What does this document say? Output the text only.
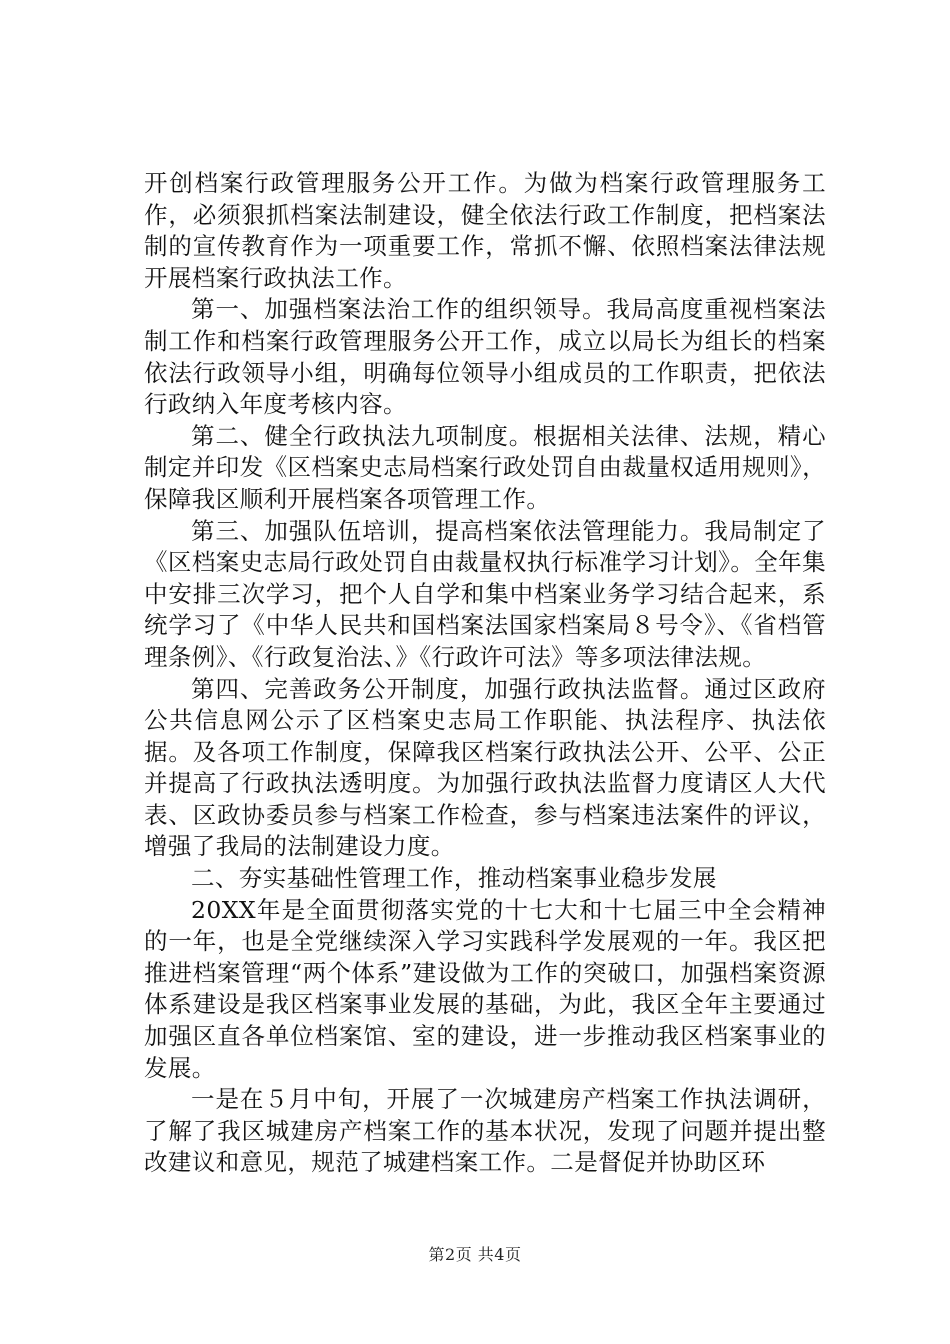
开创档案行政管理服务公开工作。为做为档案行政管理服务工作，必须狠抓档案法制建设，健全依法行政工作制度，把档案法制的宣传教育作为一项重要工作，常抓不懈、依照档案法律法规开展档案行政执法工作。

第一、加强档案法治工作的组织领导。我局高度重视档案法制工作和档案行政管理服务公开工作，成立以局长为组长的档案依法行政领导小组，明确每位领导小组成员的工作职责，把依法行政纳入年度考核内容。

第二、健全行政执法九项制度。根据相关法律、法规，精心制定并印发《区档案史志局档案行政处罚自由裁量权适用规则》，保障我区顺利开展档案各项管理工作。

第三、加强队伍培训，提高档案依法管理能力。我局制定了《区档案史志局行政处罚自由裁量权执行标准学习计划》。全年集中安排三次学习，把个人自学和集中档案业务学习结合起来，系统学习了《中华人民共和国档案法国家档案局８号令》、《省档管理条例》、《行政复治法、》《行政许可法》等多项法律法规。

第四、完善政务公开制度，加强行政执法监督。通过区政府公共信息网公示了区档案史志局工作职能、执法程序、执法依据。及各项工作制度，保障我区档案行政执法公开、公平、公正并提高了行政执法透明度。为加强行政执法监督力度请区人大代表、区政协委员参与档案工作检查，参与档案违法案件的评议，增强了我局的法制建设力度。

二、夯实基础性管理工作，推动档案事业稳步发展

20XX年是全面贯彻落实党的十七大和十七届三中全会精神的一年，也是全党继续深入学习实践科学发展观的一年。我区把推进档案管理“两个体系”建设做为工作的突破口，加强档案资源体系建设是我区档案事业发展的基础，为此，我区全年主要通过加强区直各单位档案馆、室的建设，进一步推动我区档案事业的发展。

一是在５月中旬，开展了一次城建房产档案工作执法调研，了解了我区城建房产档案工作的基本状况，发现了问题并提出整改建议和意见，规范了城建档案工作。二是督促并协助区环

第2页 共4页
